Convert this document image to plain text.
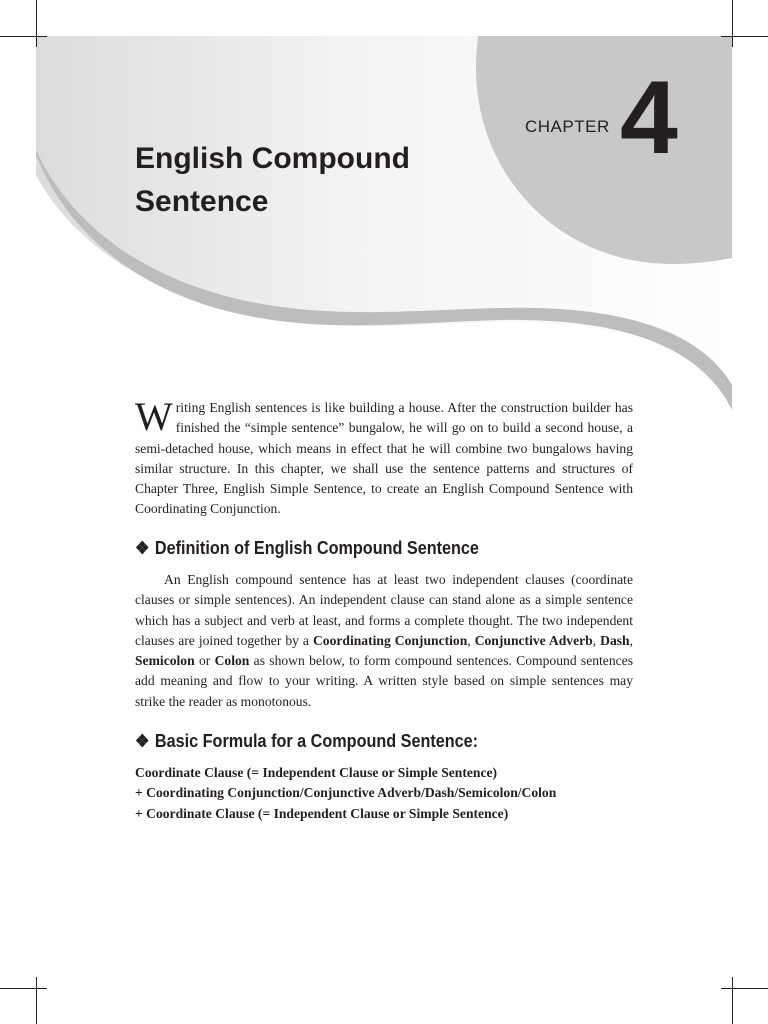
CHAPTER 4
English Compound Sentence

Writing English sentences is like building a house. After the construction builder has finished the “simple sentence” bungalow, he will go on to build a second house, a semi-detached house, which means in effect that he will combine two bungalows having similar structure. In this chapter, we shall use the sentence patterns and structures of Chapter Three, English Simple Sentence, to create an English Compound Sentence with Coordinating Conjunction.

❖ Definition of English Compound Sentence

An English compound sentence has at least two independent clauses (coordinate clauses or simple sentences). An independent clause can stand alone as a simple sentence which has a subject and verb at least, and forms a complete thought. The two independent clauses are joined together by a Coordinating Conjunction, Conjunctive Adverb, Dash, Semicolon or Colon as shown below, to form compound sentences. Compound sentences add meaning and flow to your writing. A written style based on simple sentences may strike the reader as monotonous.

❖ Basic Formula for a Compound Sentence:
Coordinate Clause (= Independent Clause or Simple Sentence)
+ Coordinating Conjunction/Conjunctive Adverb/Dash/Semicolon/Colon
+ Coordinate Clause (= Independent Clause or Simple Sentence)
